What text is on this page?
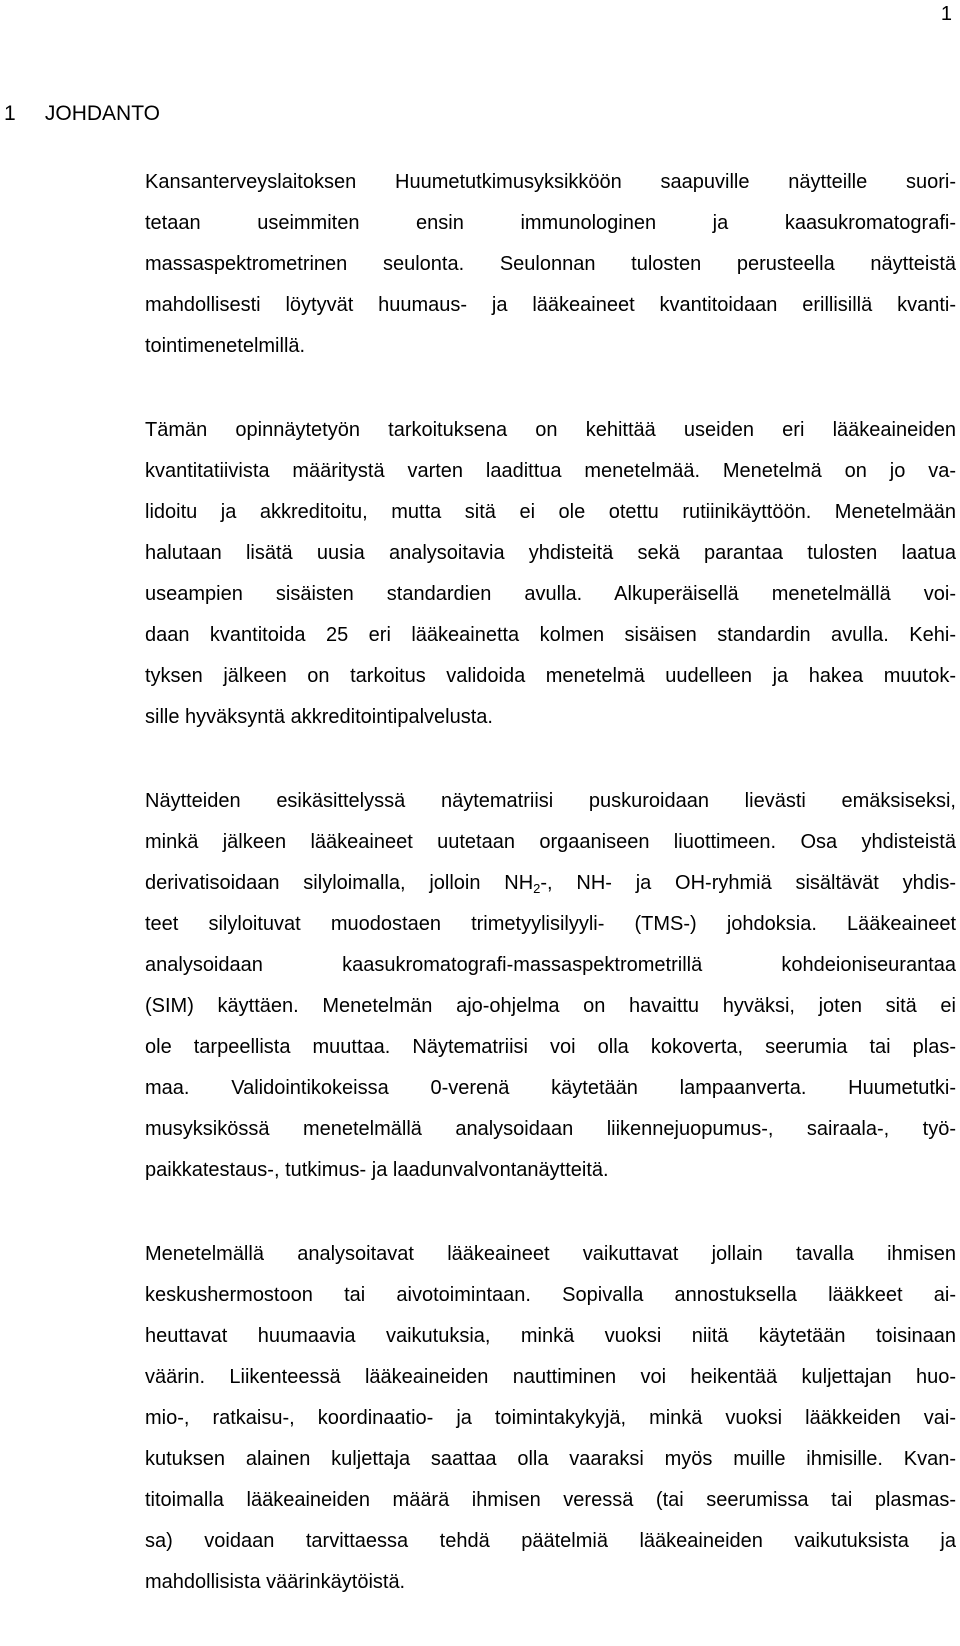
1
1 JOHDANTO

Kansanterveyslaitoksen Huumetutkimusyksikköön saapuville näytteille suori-
tetaan useimmiten ensin immunologinen ja kaasukromatografi-
massaspektrometrinen seulonta. Seulonnan tulosten perusteella näytteistä
mahdollisesti löytyvät huumaus- ja lääkeaineet kvantitoidaan erillisillä kvanti-
tointimenetelmillä.

Tämän opinnäytetyön tarkoituksena on kehittää useiden eri lääkeaineiden
kvantitatiivista määritystä varten laadittua menetelmää. Menetelmä on jo va-
lidoitu ja akkreditoitu, mutta sitä ei ole otettu rutiinikäyttöön. Menetelmään
halutaan lisätä uusia analysoitavia yhdisteitä sekä parantaa tulosten laatua
useampien sisäisten standardien avulla. Alkuperäisellä menetelmällä voi-
daan kvantitoida 25 eri lääkeainetta kolmen sisäisen standardin avulla. Kehi-
tyksen jälkeen on tarkoitus validoida menetelmä uudelleen ja hakea muutok-
sille hyväksyntä akkreditointipalvelusta.

Näytteiden esikäsittelyssä näytematriisi puskuroidaan lievästi emäksiseksi,
minkä jälkeen lääkeaineet uutetaan orgaaniseen liuottimeen. Osa yhdisteistä
derivatisoidaan silyloimalla, jolloin $NH_2-$, NH- ja OH-ryhmiä sisältävät yhdis-
teet silyloituvat muodostaen trimetyylisilyyli- (TMS-) johdoksia. Lääkeaineet
analysoidaan kaasukromatografi-massaspektrometrillä kohdeioniseurantaa
(SIM) käyttäen. Menetelmän ajo-ohjelma on havaittu hyväksi, joten sitä ei
ole tarpeellista muuttaa. Näytematriisi voi olla kokoverta, seerumia tai plas-
maa. Validointikokeissa 0-verenä käytetään lampaanverta. Huumetutki-
musyksikössä menetelmällä analysoidaan liikennejuopumus-, sairaala-, työ-
paikkatestaus-, tutkimus- ja laadunvalvontanäytteitä.

Menetelmällä analysoitavat lääkeaineet vaikuttavat jollain tavalla ihmisen
keskushermostoon tai aivotoimintaan. Sopivalla annostuksella lääkkeet ai-
heuttavat huumaavia vaikutuksia, minkä vuoksi niitä käytetään toisinaan
väärin. Liikenteessä lääkeaineiden nauttiminen voi heikentää kuljettajan huo-
mio-, ratkaisu-, koordinaatio- ja toimintakykyjä, minkä vuoksi lääkkeiden vai-
kutuksen alainen kuljettaja saattaa olla vaaraksi myös muille ihmisille. Kvan-
titoimalla lääkeaineiden määrä ihmisen veressä (tai seerumissa tai plasmas-
sa) voidaan tarvittaessa tehdä päätelmiä lääkeaineiden vaikutuksista ja
mahdollisista väärinkäytöistä.
